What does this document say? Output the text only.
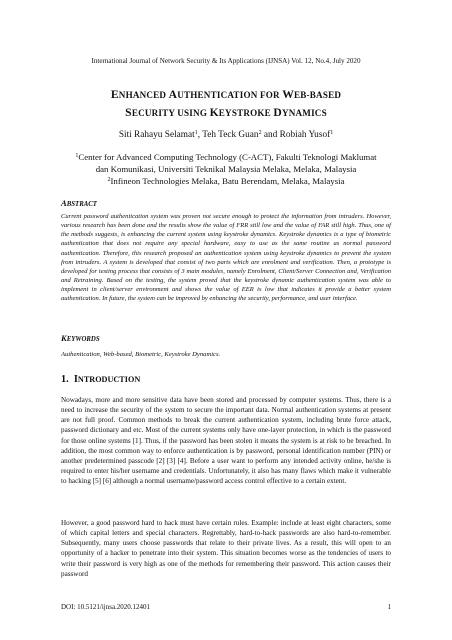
International Journal of Network Security & Its Applications (IJNSA) Vol. 12, No.4, July 2020
ENHANCED AUTHENTICATION FOR WEB-BASED
SECURITY USING KEYSTROKE DYNAMICS
Siti Rahayu Selamat$^1$, Teh Teck Guan$^2$ and Robiah Yusof$^1$
$^1$Center for Advanced Computing Technology (C-ACT), Fakulti Teknologi Maklumat
dan Komunikasi, Universiti Teknikal Malaysia Melaka, Melaka, Malaysia
$^2$Infineon Technologies Melaka, Batu Berendam, Melaka, Malaysia
ABSTRACT
Current password authentication system was proven not secure enough to protect the information from intruders. However, various research has been done and the results show the value of FRR still low and the value of FAR still high. Thus, one of the methods suggests, is enhancing the current system using keystroke dynamics. Keystroke dynamics is a type of biometric authentication that does not require any special hardware, easy to use as the same routine as normal password authentication. Therefore, this research proposed an authentication system using keystroke dynamics to prevent the system from intruders. A system is developed that consist of two parts which are enrolment and verification. Then, a prototype is developed for testing process that consists of 3 main modules, namely Enrolment, Client/Server Connection and, Verification and Retraining. Based on the testing, the system proved that the keystroke dynamic authentication system was able to implement in client/server environment and shows the value of EER is low that indicates it provide a better system authentication. In future, the system can be improved by enhancing the security, performance, and user interface.
KEYWORDS
Authentication, Web-based, Biometric, Keystroke Dynamics.
1. INTRODUCTION
Nowadays, more and more sensitive data have been stored and processed by computer systems. Thus, there is a need to increase the security of the system to secure the important data. Normal authentication systems at present are not full proof. Common methods to break the current authentication system, including brute force attack, password dictionary and etc. Most of the current systems only have one-layer protection, in which is the password for those online systems [1]. Thus, if the password has been stolen it means the system is at risk to be breached. In addition, the most common way to enforce authentication is by password, personal identification number (PIN) or another predetermined passcode [2] [3] [4]. Before a user want to perform any intended activity online, he/she is required to enter his/her username and credentials. Unfortunately, it also has many flaws which make it vulnerable to hacking [5] [6] although a normal username/password access control effective to a certain extent.
However, a good password hard to hack must have certain rules. Example: include at least eight characters, some of which capital letters and special characters. Regrettably, hard-to-hack passwords are also hard-to-remember. Subsequently, many users choose passwords that relate to their private lives. As a result, this will open to an opportunity of a hacker to penetrate into their system. This situation becomes worse as the tendencies of users to write their password is very high as one of the methods for remembering their password. This action causes their password
DOI: 10.5121/ijnsa.2020.12401	1
